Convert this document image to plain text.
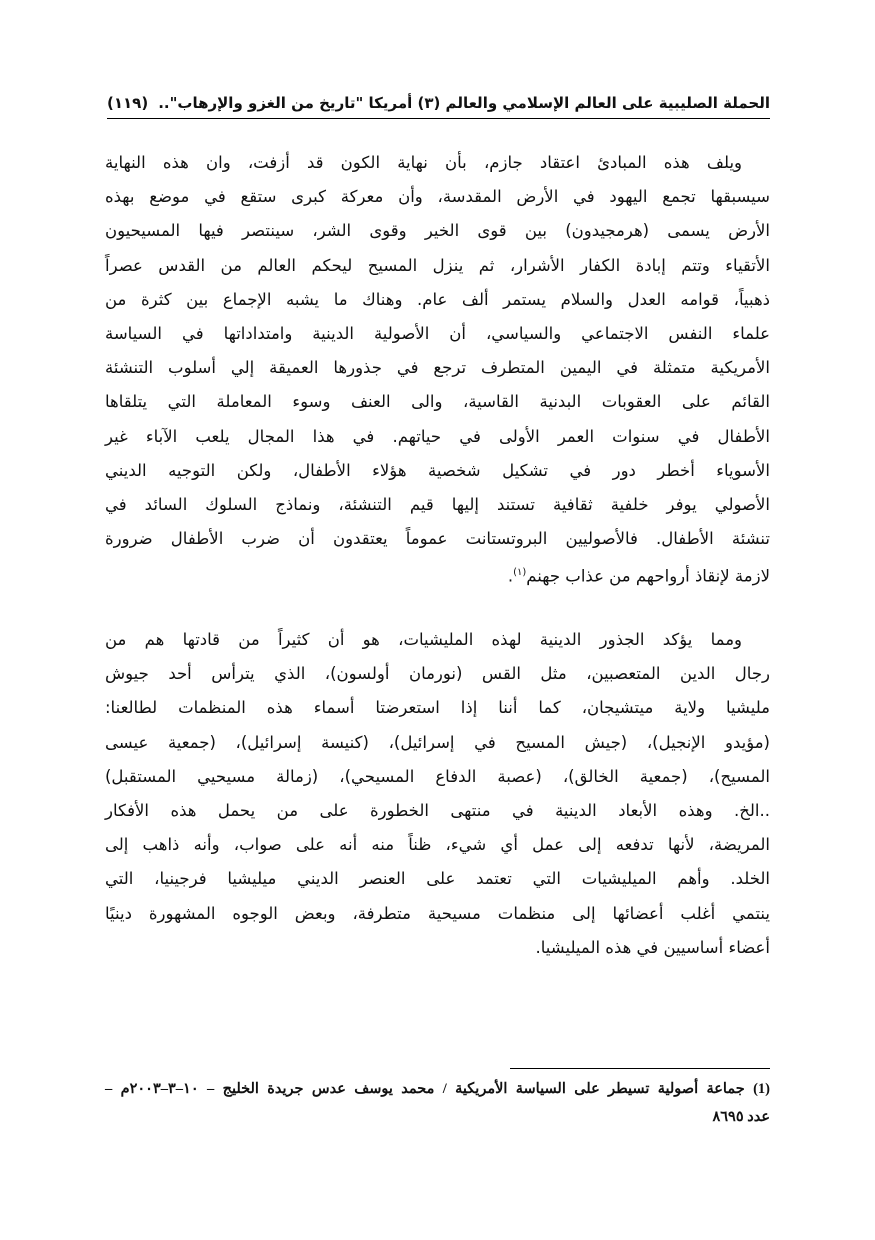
الحملة الصليبية على العالم الإسلامي والعالم (٣) أمريكا "تاريخ من الغزو والإرهاب"..
(١١٩)
ويلف هذه المبادئ اعتقاد جازم، بأن نهاية الكون قد أزفت، وان هذه النهاية
سيسبقها تجمع اليهود في الأرض المقدسة، وأن معركة كبرى ستقع في موضع بهذه
الأرض يسمى (هرمجيدون) بين قوى الخير وقوى الشر، سينتصر فيها المسيحيون
الأتقياء وتتم إبادة الكفار الأشرار، ثم ينزل المسيح ليحكم العالم من القدس عصراً
ذهبياً، قوامه العدل والسلام يستمر ألف عام. وهناك ما يشبه الإجماع بين كثرة من
علماء النفس الاجتماعي والسياسي، أن الأصولية الدينية وامتداداتها في السياسة
الأمريكية متمثلة في اليمين المتطرف ترجع في جذورها العميقة إلي أسلوب التنشئة
القائم على العقوبات البدنية القاسية، والى العنف وسوء المعاملة التي يتلقاها
الأطفال في سنوات العمر الأولى في حياتهم. في هذا المجال يلعب الآباء غير
الأسوياء أخطر دور في تشكيل شخصية هؤلاء الأطفال، ولكن التوجيه الديني
الأصولي يوفر خلفية ثقافية تستند إليها قيم التنشئة، ونماذج السلوك السائد في
تنشئة الأطفال. فالأصوليين البروتستانت عموماً يعتقدون أن ضرب الأطفال ضرورة
لازمة لإنقاذ أرواحهم من عذاب جهنم$^{(١)}$.
ومما يؤكد الجذور الدينية لهذه المليشيات، هو أن كثيراً من قادتها هم من
رجال الدين المتعصبين، مثل القس (نورمان أولسون)، الذي يترأس أحد جيوش
مليشيا ولاية ميتشيجان، كما أننا إذا استعرضتا أسماء هذه المنظمات لطالعنا:
(مؤيدو الإنجيل)، (جيش المسيح في إسرائيل)، (كنيسة إسرائيل)، (جمعية عيسى
المسيح)، (جمعية الخالق)، (عصبة الدفاع المسيحي)، (زمالة مسيحيي المستقبل)
..الخ. وهذه الأبعاد الدينية في منتهى الخطورة على من يحمل هذه الأفكار
المريضة، لأنها تدفعه إلى عمل أي شيء، ظناً منه أنه على صواب، وأنه ذاهب إلى
الخلد. وأهم الميليشيات التي تعتمد على العنصر الديني ميليشيا فرجينيا، التي
ينتمي أغلب أعضائها إلى منظمات مسيحية متطرفة، وبعض الوجوه المشهورة دينيًا
أعضاء أساسيين في هذه الميليشيا.
(1) جماعة أصولية تسيطر على السياسة الأمريكية / محمد يوسف عدس جريدة الخليج – ١٠–٣–٢٠٠٣م –
عدد ٨٦٩٥
